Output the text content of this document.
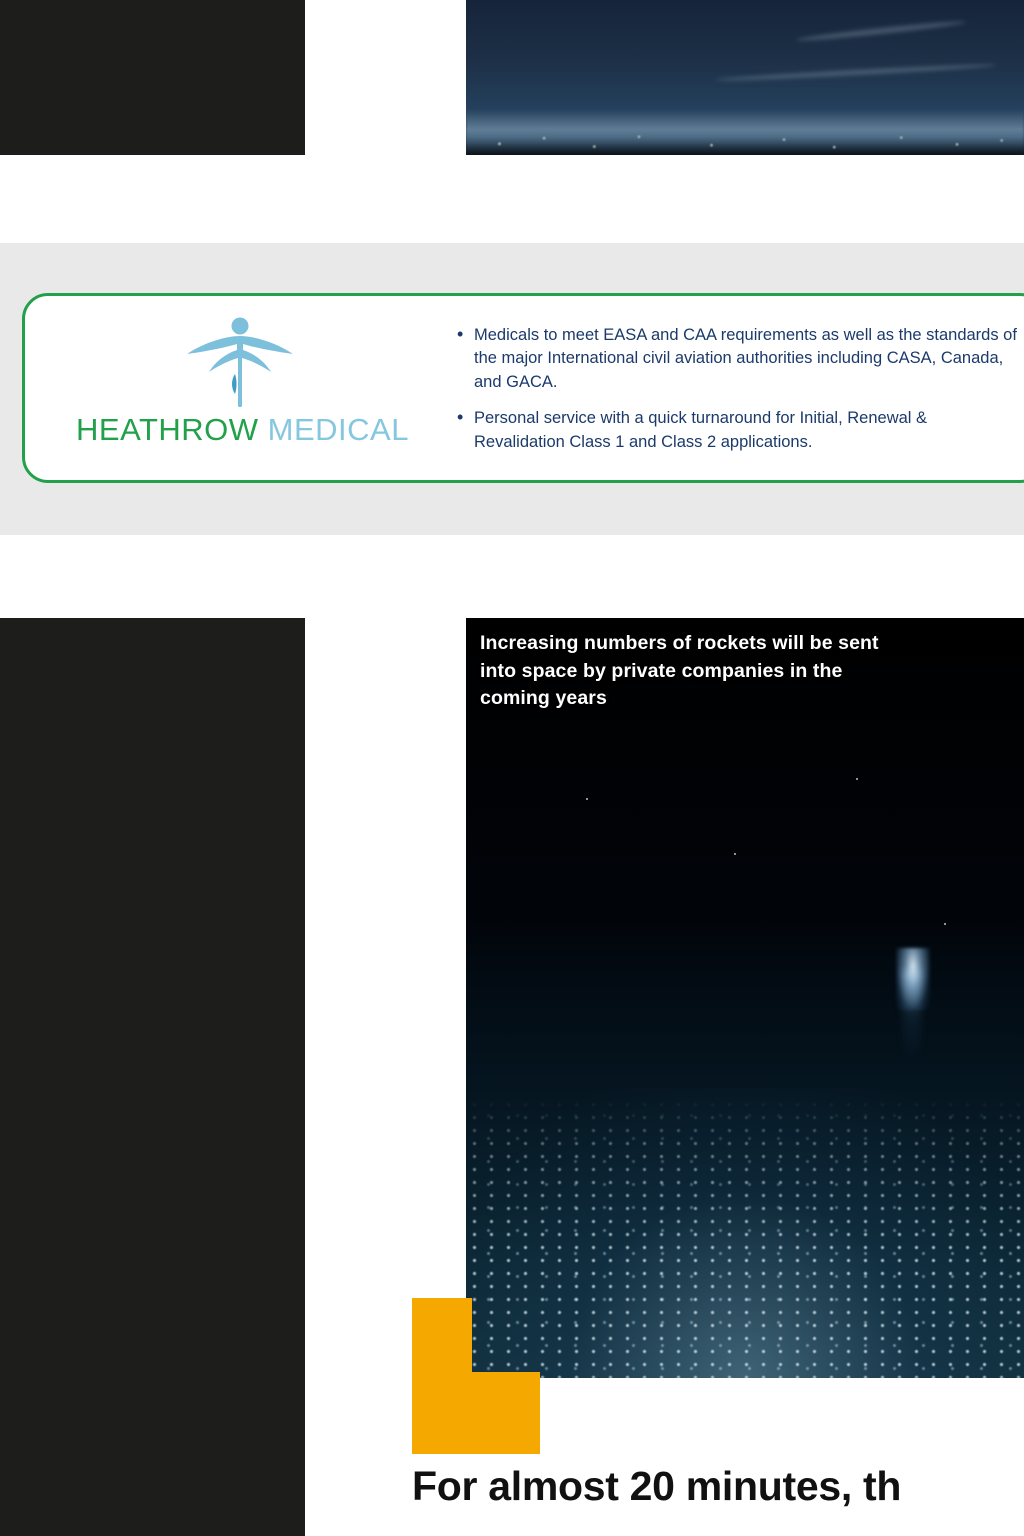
HEATHROW MEDICAL
• Medicals to meet EASA and CAA requirements as well as the standards of the major International civil aviation authorities including CASA, Canada, and GACA.
• Personal service with a quick turnaround for Initial, Renewal & Revalidation Class 1 and Class 2 applications.
Increasing numbers of rockets will be sent into space by private companies in the coming years
For almost 20 minutes, th
